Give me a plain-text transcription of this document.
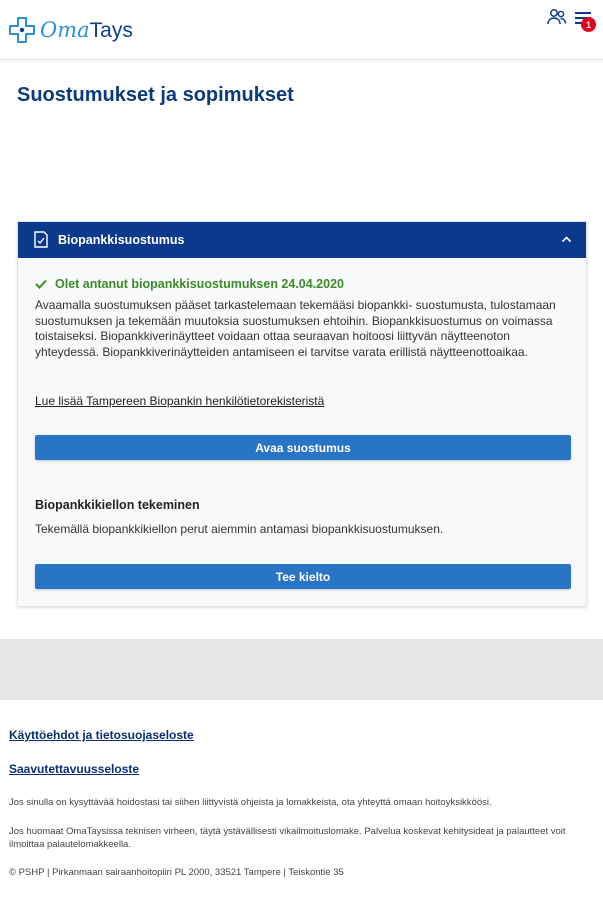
OmaTays	1
Suostumukset ja sopimukset
Biopankkisuostumus
Olet antanut biopankkisuostumuksen 24.04.2020

Avaamalla suostumuksen pääset tarkastelemaan tekemääsi biopankki- suostumusta, tulostamaan suostumuksen ja tekemään muutoksia suostumuksen ehtoihin. Biopankkisuostumus on voimassa toistaiseksi. Biopankkiverinäytteet voidaan ottaa seuraavan hoitoosi liittyvän näytteenoton yhteydessä. Biopankkiverinäytteiden antamiseen ei tarvitse varata erillistä näytteenottoaikaa.

Lue lisää Tampereen Biopankin henkilötietorekisteristä
Avaa suostumus
Biopankkikiellon tekeminen
Tekemällä biopankkikiellon perut aiemmin antamasi biopankkisuostumuksen.
Tee kielto
Käyttöehdot ja tietosuojaseloste
Saavutettavuusseloste

Jos sinulla on kysyttävää hoidostasi tai siihen liittyvistä ohjeista ja lomakkeista, ota yhteyttä omaan hoitoyksikköösi.

Jos huomaat OmaTaysissa teknisen virheen, täytä ystävällisesti vikailmoituslomake. Palvelua koskevat kehitysideat ja palautteet voit ilmoittaa palautelomakkeella.

© PSHP | Pirkanmaan sairaanhoitopiiri PL 2000, 33521 Tampere | Teiskontie 35
